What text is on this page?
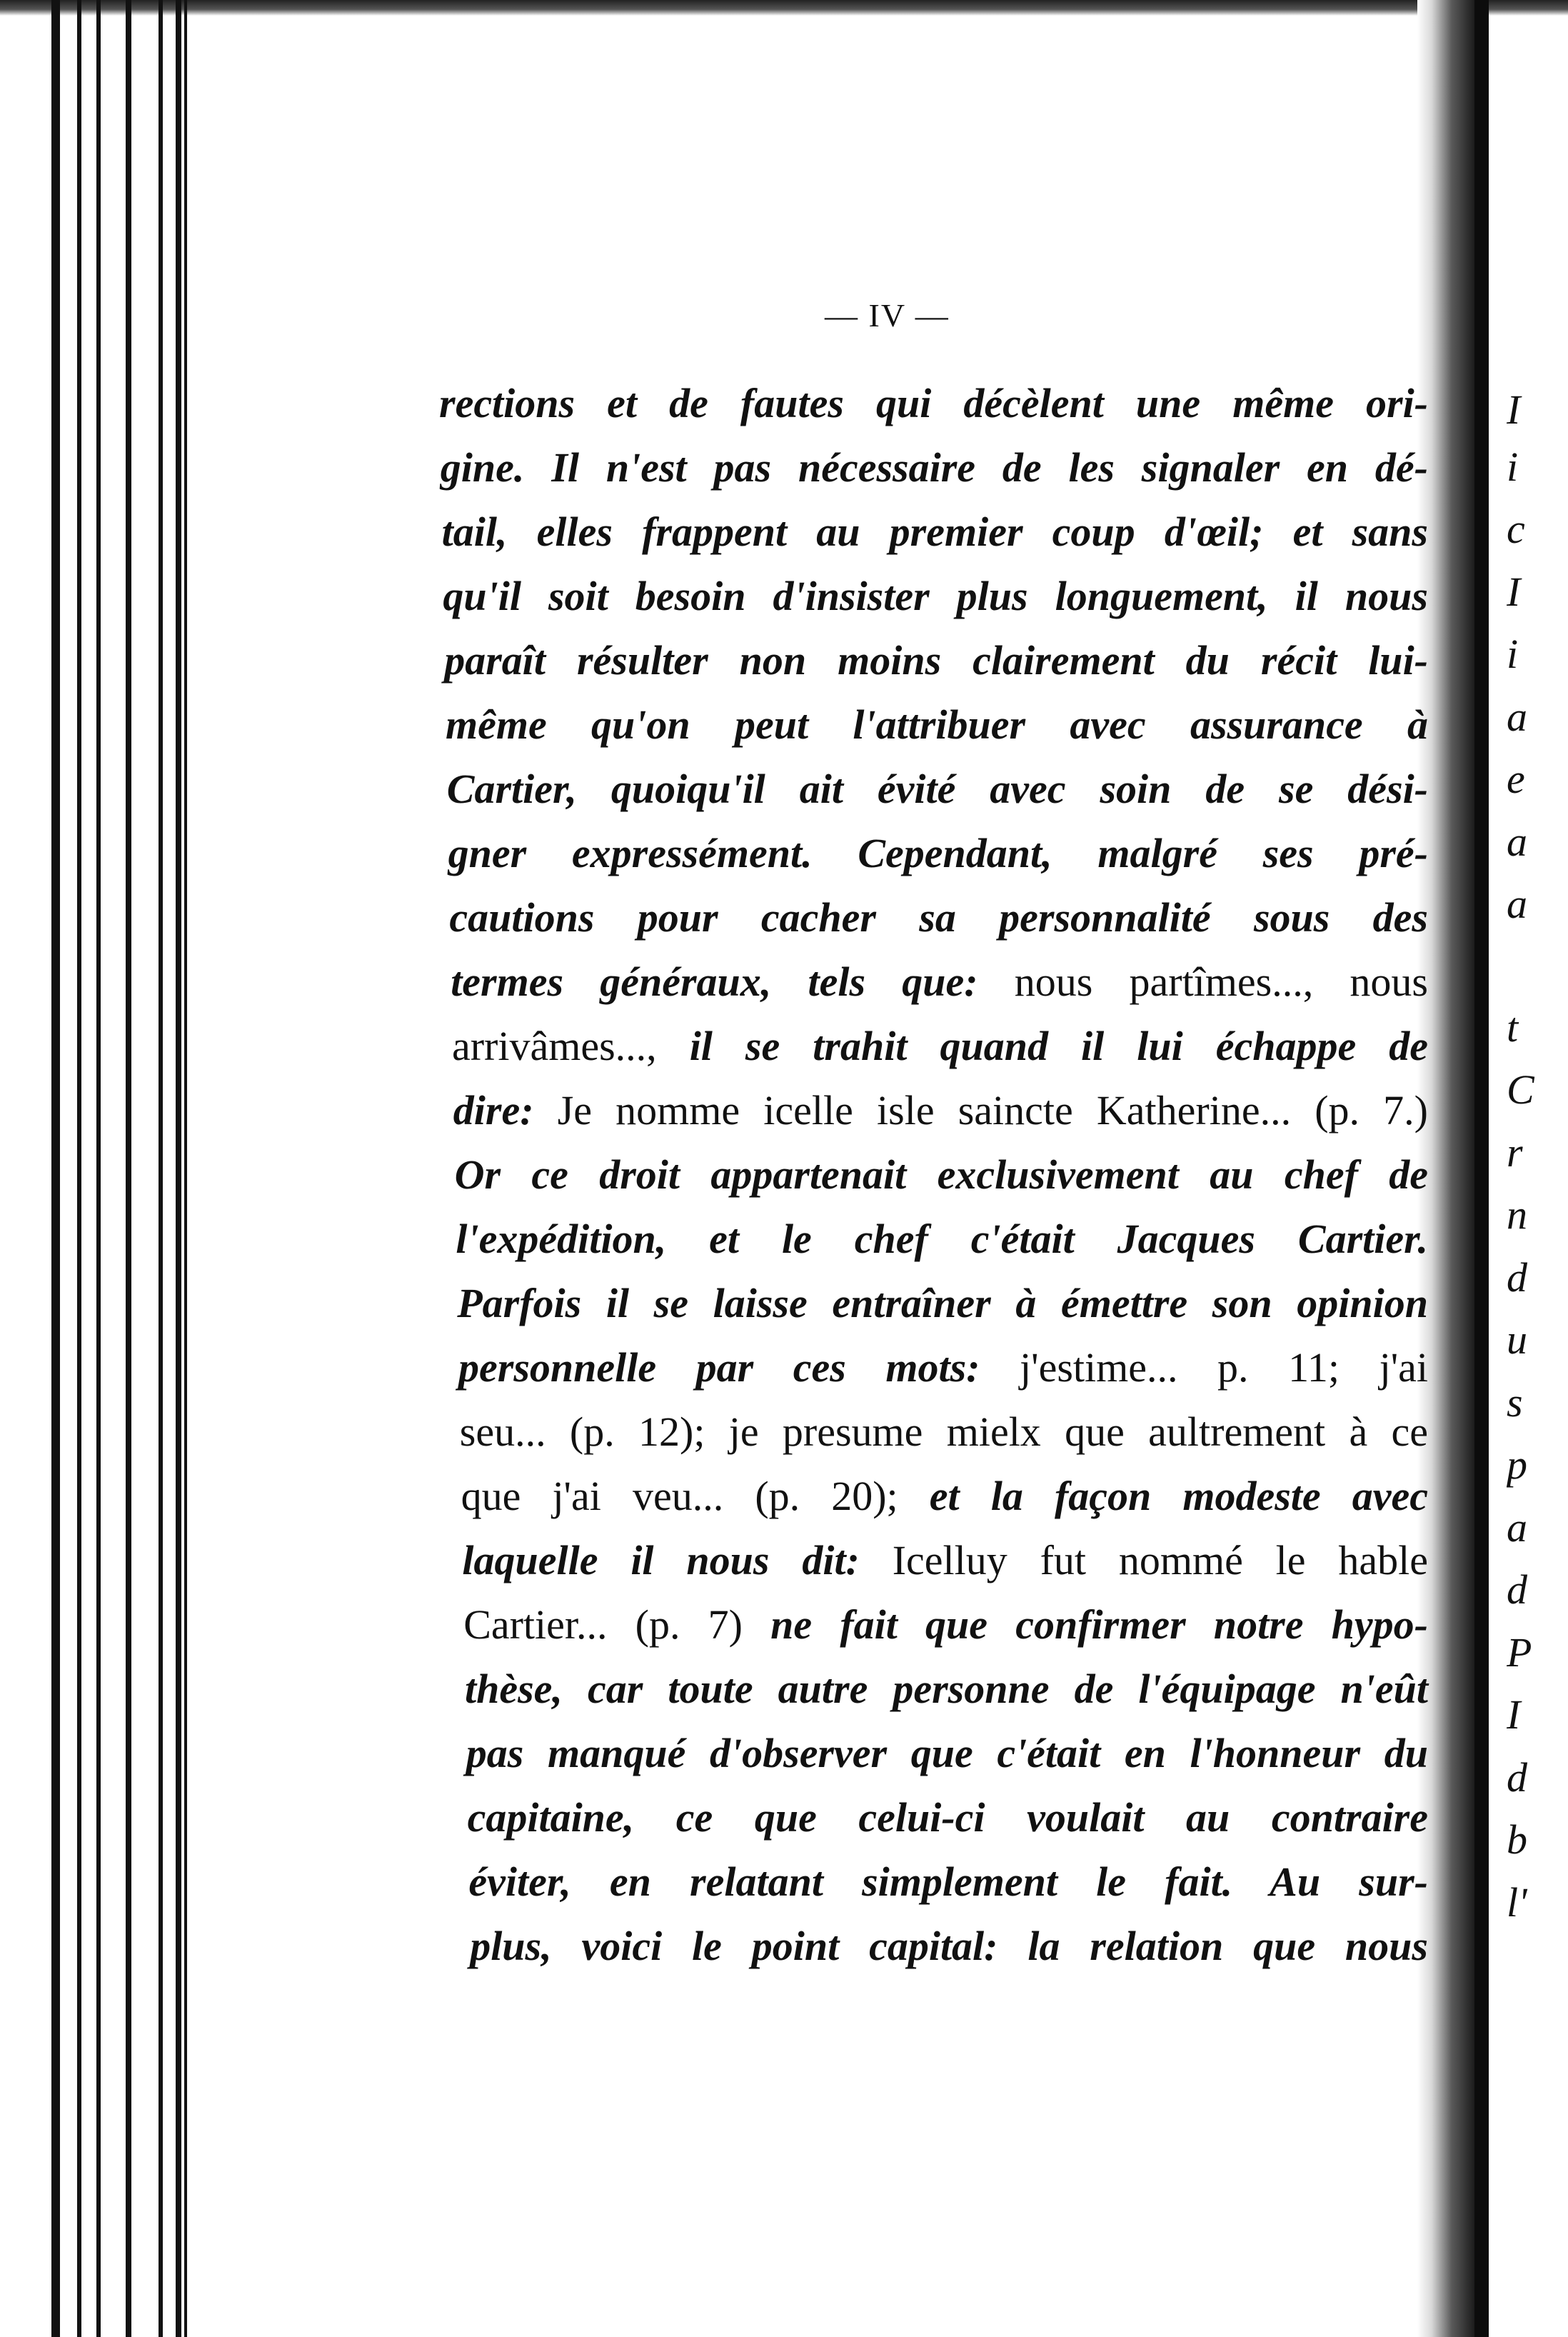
I
i
c
I
i
a
e
a
a
t
C
r
n
d
u
s
p
a
d
P
I
d
b
l'
— IV —
rections et de fautes qui décèlent une même ori-
gine. Il n'est pas nécessaire de les signaler en dé-
tail, elles frappent au premier coup d'œil; et sans
qu'il soit besoin d'insister plus longuement, il nous
paraît résulter non moins clairement du récit lui-
même qu'on peut l'attribuer avec assurance à
Cartier, quoiqu'il ait évité avec soin de se dési-
gner expressément. Cependant, malgré ses pré-
cautions pour cacher sa personnalité sous des
termes généraux, tels que: nous partîmes..., nous
arrivâmes..., il se trahit quand il lui échappe de
dire: Je nomme icelle isle saincte Katherine... (p. 7.)
Or ce droit appartenait exclusivement au chef de
l'expédition, et le chef c'était Jacques Cartier.
Parfois il se laisse entraîner à émettre son opinion
personnelle par ces mots: j'estime... p. 11; j'ai
seu... (p. 12); je presume mielx que aultrement à ce
que j'ai veu... (p. 20); et la façon modeste avec
laquelle il nous dit: Icelluy fut nommé le hable
Cartier... (p. 7) ne fait que confirmer notre hypo-
thèse, car toute autre personne de l'équipage n'eût
pas manqué d'observer que c'était en l'honneur du
capitaine, ce que celui-ci voulait au contraire
éviter, en relatant simplement le fait. Au sur-
plus, voici le point capital: la relation que nous
